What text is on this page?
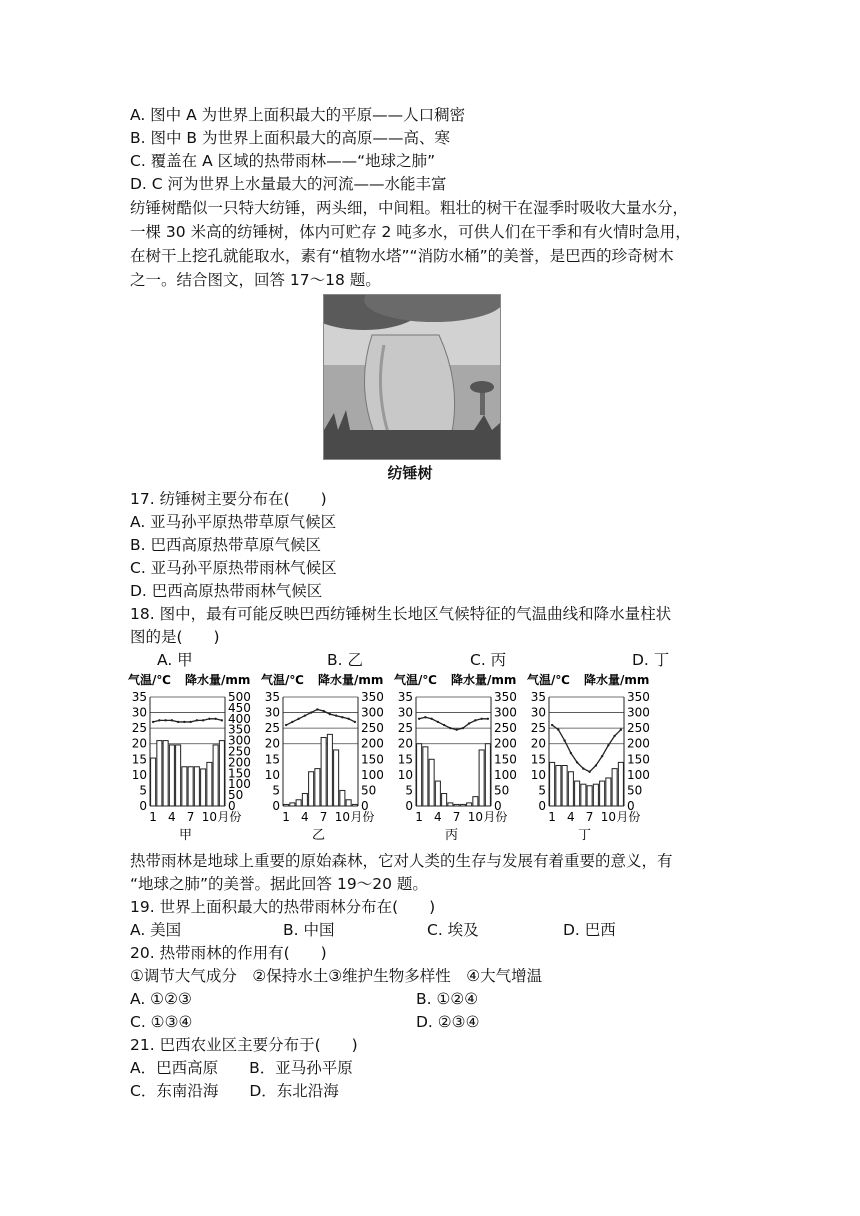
A. 图中 A 为世界上面积最大的平原——人口稠密
B. 图中 B 为世界上面积最大的高原——高、寒
C. 覆盖在 A 区域的热带雨林——“地球之肺”
D. C 河为世界上水量最大的河流——水能丰富
纺锤树酷似一只特大纺锤，两头细，中间粗。粗壮的树干在湿季时吸收大量水分，
一棵 30 米高的纺锤树，体内可贮存 2 吨多水，可供人们在干季和有火情时急用，
在树干上挖孔就能取水，素有“植物水塔”“消防水桶”的美誉，是巴西的珍奇树木
之一。结合图文，回答 17～18 题。
纺锤树
17. 纺锤树主要分布在(　　)
A. 亚马孙平原热带草原气候区
B. 巴西高原热带草原气候区
C. 亚马孙平原热带雨林气候区
D. 巴西高原热带雨林气候区
18. 图中，最有可能反映巴西纺锤树生长地区气候特征的气温曲线和降水量柱状
图的是(　　)
A. 甲	B. 乙	C. 丙	D. 丁
气温/℃ 降水量/mm
0
5
10
15
20
25
30
35
0
50
100
150
200
250
300
350
400
450
500
1 4 7 10 月份
甲
气温/℃ 降水量/mm
0
5
10
15
20
25
30
35
0
50
100
150
200
250
300
350
1 4 7 10 月份
乙
气温/℃ 降水量/mm
0
5
10
15
20
25
30
35
0
50
100
150
200
250
300
350
1 4 7 10 月份
丙
气温/℃ 降水量/mm
0
5
10
15
20
25
30
35
0
50
100
150
200
250
300
350
1 4 7 10 月份
丁
热带雨林是地球上重要的原始森林，它对人类的生存与发展有着重要的意义，有
“地球之肺”的美誉。据此回答 19～20 题。
19. 世界上面积最大的热带雨林分布在(　　)
A. 美国	B. 中国	C. 埃及	D. 巴西
20. 热带雨林的作用有(　　)
①调节大气成分　②保持水土③维护生物多样性　④大气增温
A. ①②③	B. ①②④
C. ①③④	D. ②③④
21. 巴西农业区主要分布于(　　)
A．巴西高原　　B．亚马孙平原
C．东南沿海　　D．东北沿海
